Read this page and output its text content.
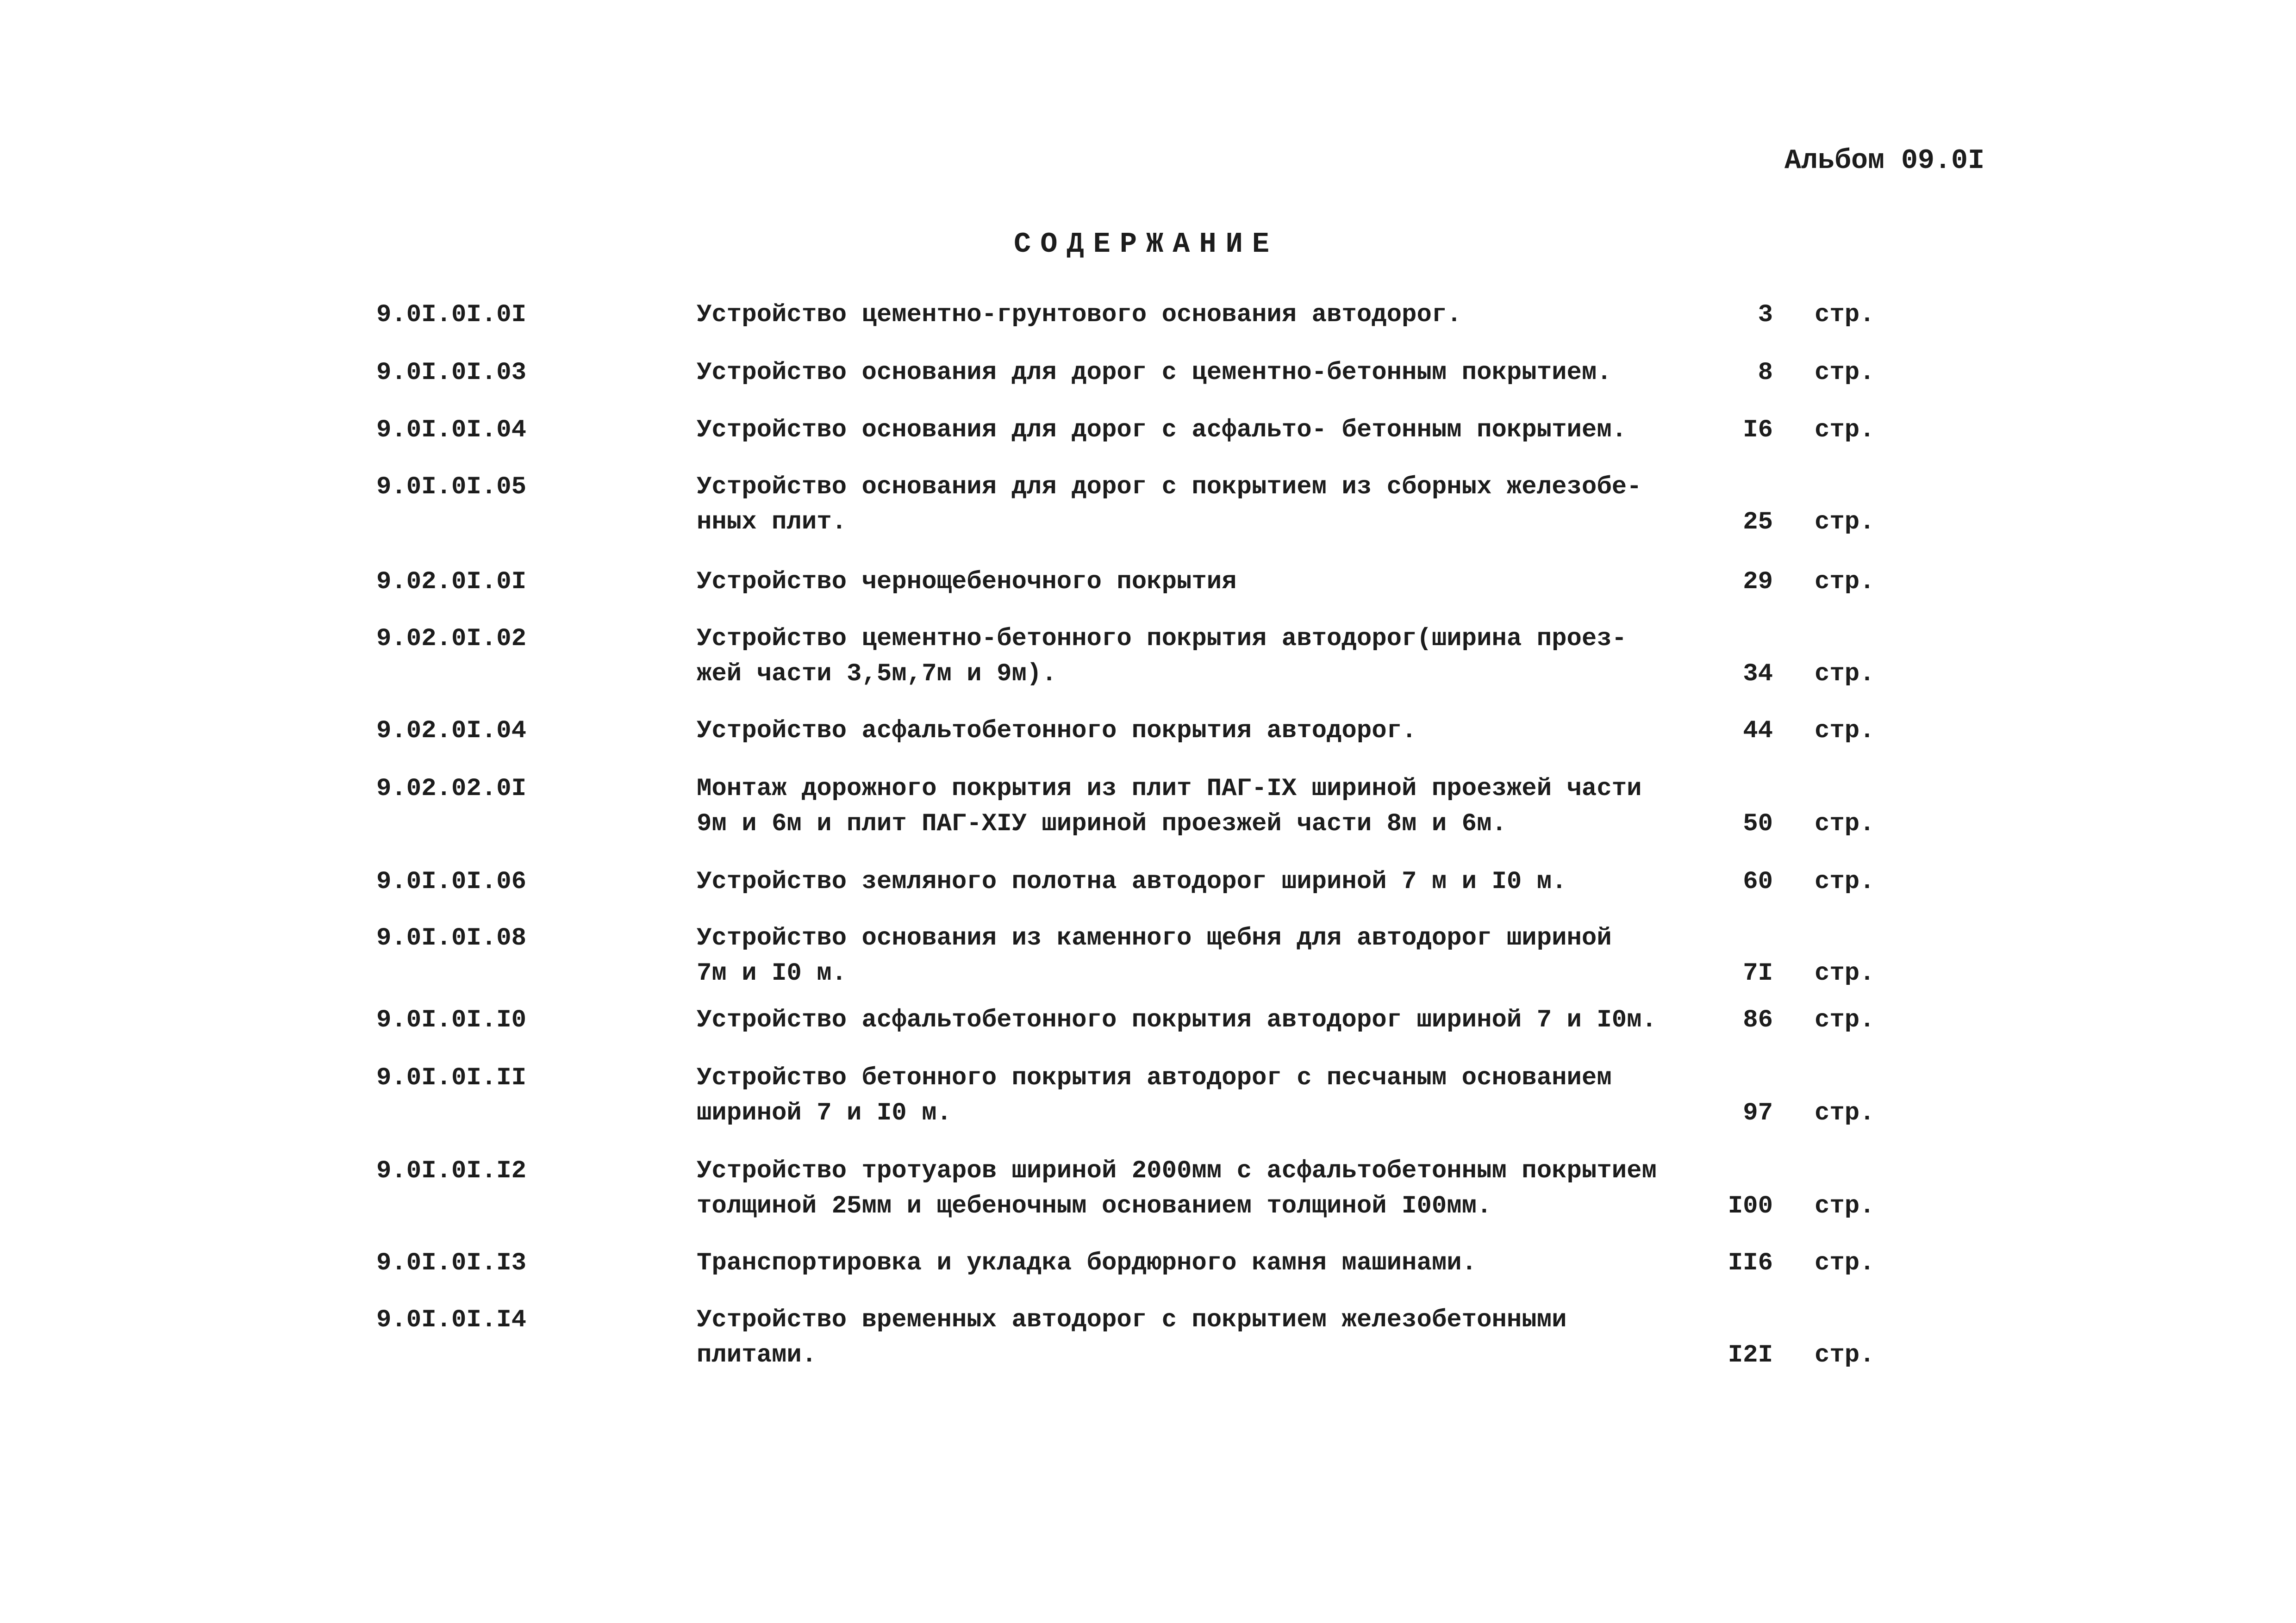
Альбом 09.0I
СОДЕРЖАНИЕ
9.0I.0I.0I	Устройство цементно-грунтового основания автодорог.	3 стр.
9.0I.0I.03	Устройство основания для дорог с цементно-бетонным покрытием.	8 стр.
9.0I.0I.04	Устройство основания для дорог с асфальто- бетонным покрытием.	I6 стр.
9.0I.0I.05	Устройство основания для дорог с покрытием из сборных железобе-
нных плит.	25 стр.
9.02.0I.0I	Устройство чернощебеночного покрытия	29 стр.
9.02.0I.02	Устройство цементно-бетонного покрытия автодорог(ширина проез-
жей части 3,5м,7м и 9м).	34 стр.
9.02.0I.04	Устройство асфальтобетонного покрытия автодорог.	44 стр.
9.02.02.0I	Монтаж дорожного покрытия из плит ПАГ-IX шириной проезжей части
9м и 6м и плит ПАГ-XIУ шириной проезжей части 8м и 6м.	50 стр.
9.0I.0I.06	Устройство земляного полотна автодорог шириной 7 м и I0 м.	60 стр.
9.0I.0I.08	Устройство основания из каменного щебня для автодорог шириной
7м и I0 м.	7I стр.
9.0I.0I.I0	Устройство асфальтобетонного покрытия автодорог шириной 7 и I0м.	86 стр.
9.0I.0I.II	Устройство бетонного покрытия автодорог с песчаным основанием
шириной 7 и I0 м.	97 стр.
9.0I.0I.I2	Устройство тротуаров шириной 2000мм с асфальтобетонным покрытием
толщиной 25мм и щебеночным основанием толщиной I00мм.	I00 стр.
9.0I.0I.I3	Транспортировка и укладка бордюрного камня машинами.	II6 стр.
9.0I.0I.I4	Устройство временных автодорог с покрытием железобетонными
плитами.	I2I стр.
